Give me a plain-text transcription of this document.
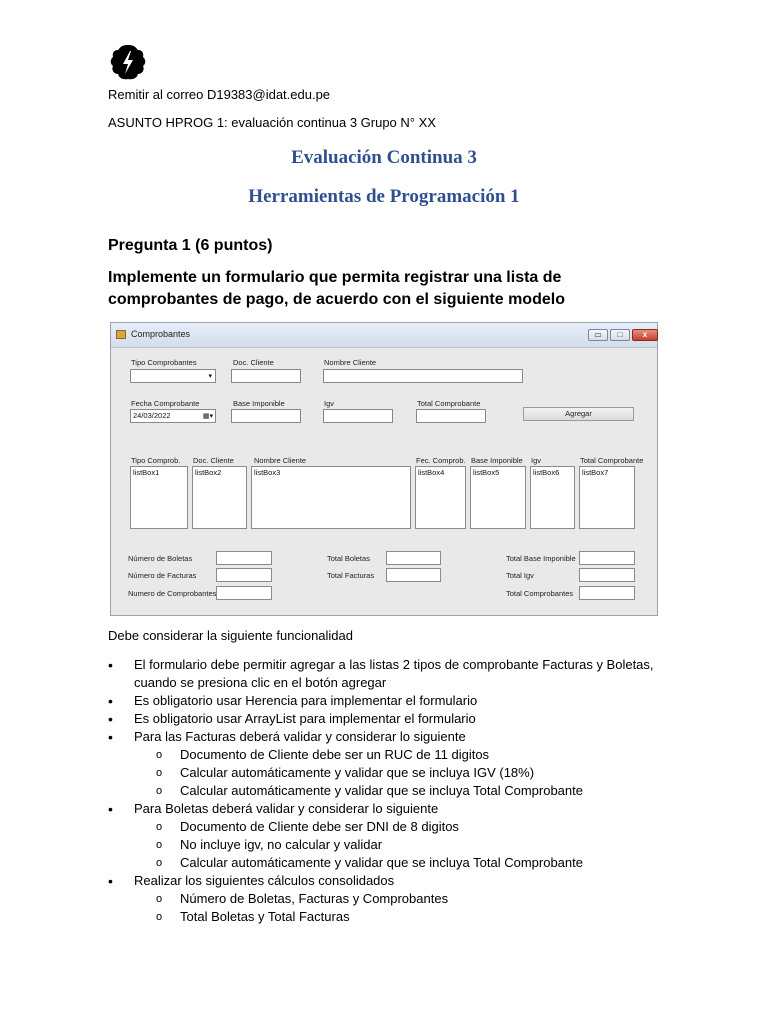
Remitir al correo D19383@idat.edu.pe
ASUNTO HPROG 1: evaluación continua 3 Grupo N° XX
Evaluación Continua 3
Herramientas de Programación 1
Pregunta 1 (6 puntos)
Implemente un formulario que permita registrar una lista de
comprobantes de pago, de acuerdo con el siguiente modelo
Comprobantes	▭	□	x
Tipo Comprobantes
▾
Doc. Cliente	Nombre Cliente
Fecha Comprobante
24/03/2022	▦▾
Base Imponible	Igv	Total Comprobante
Agregar
Tipo Comprob. Doc. Cliente	Nombre Cliente	Fec. Comprob. Base Imponible Igv	Total Comprobante
listBox1	listBox2	listBox3	listBox4	listBox5	listBox6	listBox7
Número de Boletas
Número de Facturas
Numero de Comprobantes
Total Boletas
Total Facturas
Total Base Imponible
Total Igv
Total Comprobantes
Debe considerar la siguiente funcionalidad
• El formulario debe permitir agregar a las listas 2 tipos de comprobante Facturas y Boletas,
cuando se presiona clic en el botón agregar
• Es obligatorio usar Herencia para implementar el formulario
• Es obligatorio usar ArrayList para implementar el formulario
• Para las Facturas deberá validar y considerar lo siguiente
o Documento de Cliente debe ser un RUC de 11 digitos
o Calcular automáticamente y validar que se incluya IGV (18%)
o Calcular automáticamente y validar que se incluya Total Comprobante
• Para Boletas deberá validar y considerar lo siguiente
o Documento de Cliente debe ser DNI de 8 digitos
o No incluye igv, no calcular y validar
o Calcular automáticamente y validar que se incluya Total Comprobante
• Realizar los siguientes cálculos consolidados
o Número de Boletas, Facturas y Comprobantes
o Total Boletas y Total Facturas
